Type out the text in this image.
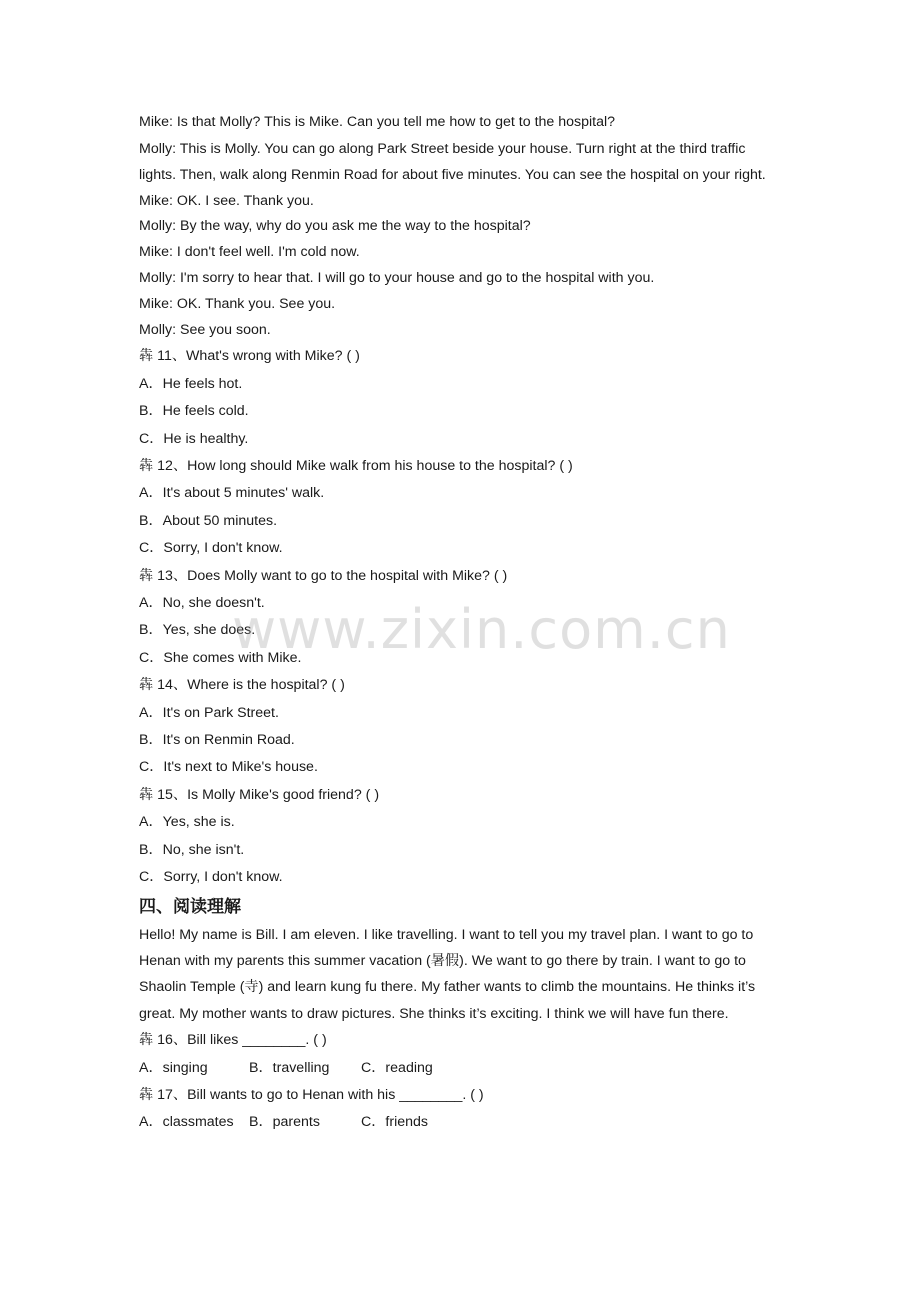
Mike: Is that Molly? This is Mike. Can you tell me how to get to the hospital?
Molly: This is Molly. You can go along Park Street beside your house. Turn right at the third traffic lights. Then, walk along Renmin Road for about five minutes. You can see the hospital on your right.
Mike: OK. I see. Thank you.
Molly: By the way, why do you ask me the way to the hospital?
Mike: I don't feel well. I'm cold now.
Molly: I'm sorry to hear that. I will go to your house and go to the hospital with you.
Mike: OK. Thank you. See you.
Molly: See you soon.
犇 11、What's wrong with Mike? ( )
A．He feels hot.
B．He feels cold.
C．He is healthy.
犇 12、How long should Mike walk from his house to the hospital? ( )
A．It's about 5 minutes' walk.
B．About 50 minutes.
C．Sorry, I don't know.
犇 13、Does Molly want to go to the hospital with Mike? ( )
A．No, she doesn't.
B．Yes, she does.
C．She comes with Mike.
犇 14、Where is the hospital? ( )
A．It's on Park Street.
B．It's on Renmin Road.
C．It's next to Mike's house.
犇 15、Is Molly Mike's good friend? ( )
A．Yes, she is.
B．No, she isn't.
C．Sorry, I don't know.
四、阅读理解
Hello! My name is Bill. I am eleven. I like travelling. I want to tell you my travel plan. I want to go to Henan with my parents this summer vacation (暑假). We want to go there by train. I want to go to Shaolin Temple (寺) and learn kung fu there. My father wants to climb the mountains. He thinks it’s great. My mother wants to draw pictures. She thinks it’s exciting. I think we will have fun there.
犇 16、Bill likes ________. ( )
A．singing	B．travelling C．reading
犇 17、Bill wants to go to Henan with his ________. ( )
A．classmates B．parents	C．friends
www.zixin.com.cn
